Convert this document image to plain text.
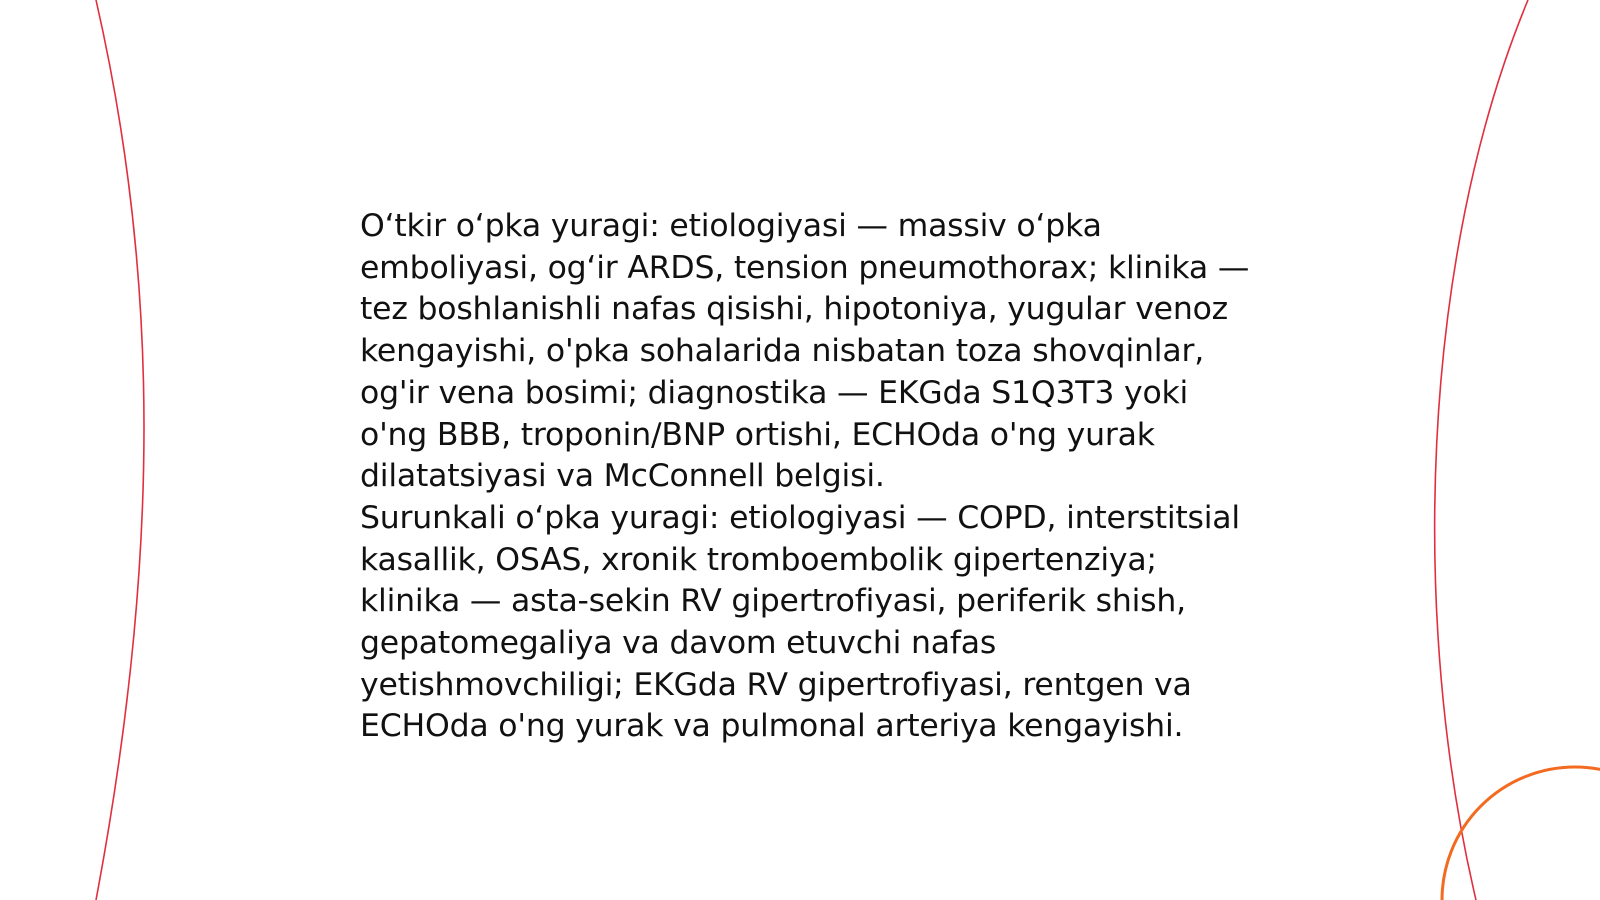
O‘tkir o‘pka yuragi: etiologiyasi — massiv o‘pka emboliyasi, og‘ir ARDS, tension pneumothorax; klinika — tez boshlanishli nafas qisishi, hipotoniya, yugular venoz kengayishi, o'pka sohalarida nisbatan toza shovqinlar, og'ir vena bosimi; diagnostika — EKGda S1Q3T3 yoki o'ng BBB, troponin/BNP ortishi, ECHOda o'ng yurak dilatatsiyasi va McConnell belgisi.
Surunkali o‘pka yuragi: etiologiyasi — COPD, interstitsial kasallik, OSAS, xronik tromboembolik gipertenziya; klinika — asta-sekin RV gipertrofiyasi, periferik shish, gepatomegaliya va davom etuvchi nafas yetishmovchiligi; EKGda RV gipertrofiyasi, rentgen va ECHOda o'ng yurak va pulmonal arteriya kengayishi.
